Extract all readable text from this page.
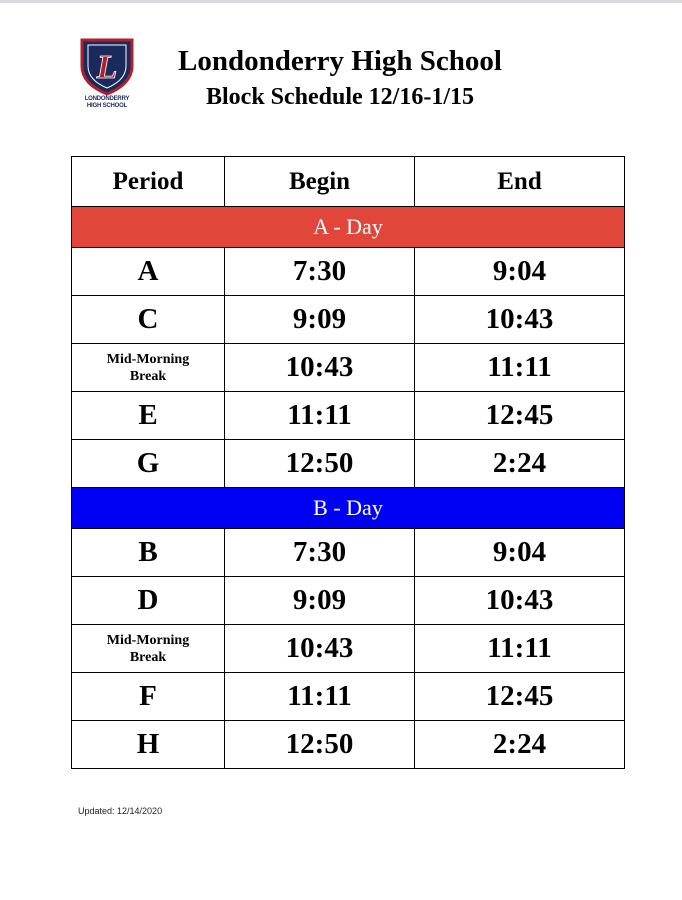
L
LONDONDERRY
HIGH SCHOOL
Londonderry High School
Block Schedule 12/16-1/15
Period	Begin	End
A - Day		
A	7:30	9:04
C	9:09	10:43

Mid-Morning
Break	10:43	11:11
E	11:11	12:45
G	12:50	2:24
B - Day		
B	7:30	9:04
D	9:09	10:43

Mid-Morning
Break	10:43	11:11
F	11:11	12:45
H	12:50	2:24
Updated: 12/14/2020
